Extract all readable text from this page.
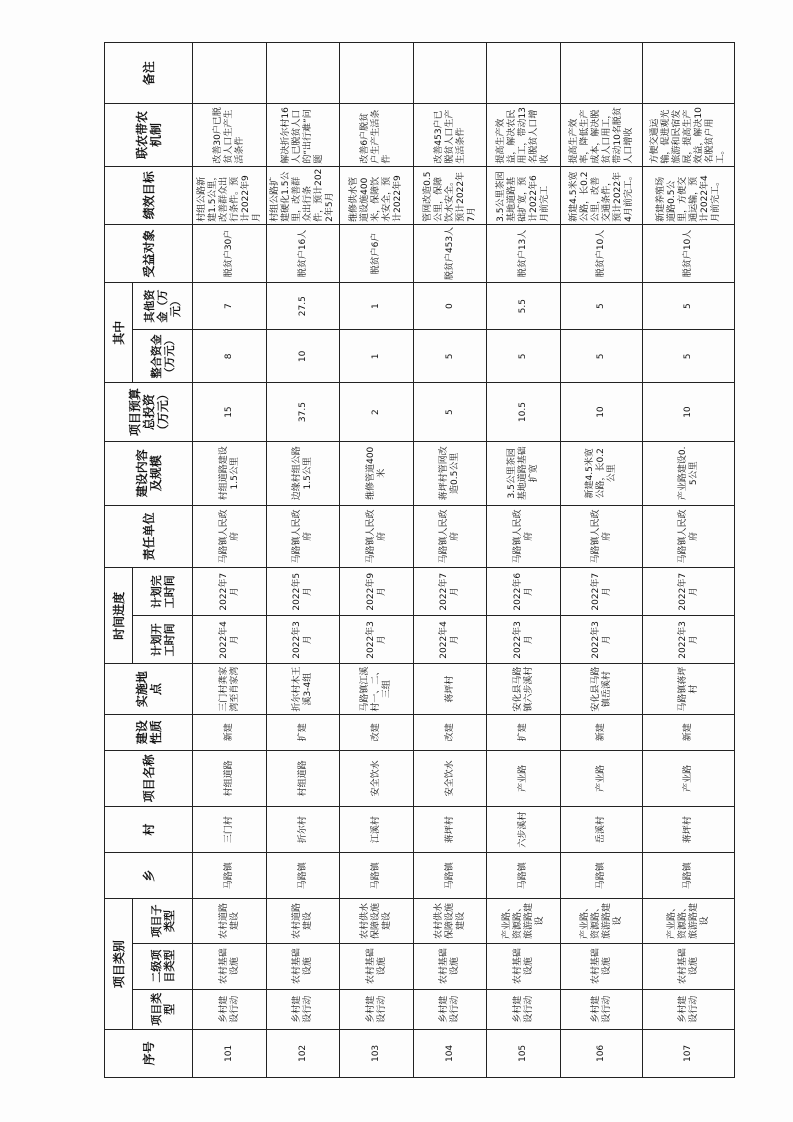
序号	项目类别			乡	村	项目名称	建设性质	实施地点	时间进度		责任单位	建设内容及规模	项目预算总投资（万元）	其中		受益对象	绩效目标	联农带农机制	备注
	项目类型	二级项目类型	项目子类型						计划开工时间	计划完工时间				整合资金（万元）	其他资金（万元）				

101	乡村建设行动	农村基础设施	农村道路建设	马路镇	三门村	村组道路	新建	三门村龚家湾至肖家湾	2022年4月	2022年7月	马路镇人民政府	村组道路建设1.5公里	15	8	7	脱贫户30户	村组公路新建1.5公里，改善群众出行条件。预计2022年9月	改善30户已脱贫人口生产生活条件	
102	乡村建设行动	农村基础设施	农村道路建设	马路镇	折尔村	村组道路	扩建	折尔村木王溪3-4组	2022年3月	2022年5月	马路镇人民政府	边缘村组公路1.5公里	37.5	10	27.5	脱贫户16人	村组公路扩建硬化1.5公里，改善群众出行条件，预计2022年5月	解决折尔村16人已脱贫人口的“出行难”问题	
103	乡村建设行动	农村基础设施	农村供水保障设施建设	马路镇	江溪村	安全饮水	改建	马路镇江溪村一、二、三组	2022年3月	2022年9月	马路镇人民政府	维修管道400米	2	1	1	脱贫户6户	维修供水管道设施400米，保障饮水安全，预计2022年9	改善6户脱贫户生产生活条件	
104	乡村建设行动	农村基础设施	农村供水保障设施建设	马路镇	蒋坪村	安全饮水	改建	蒋坪村	2022年4月	2022年7月	马路镇人民政府	蒋坪村管网改造0.5公里	5	5	0	脱贫户453人	管网改造0.5公里，保障饮水安全。预计2022年7月	改善453户已脱贫人口生产生活条件	
105	乡村建设行动	农村基础设施	产业路、资源路、旅游路建设	马路镇	六步溪村	产业路	扩建	安化县马路镇六步溪村	2022年3月	2022年6月	马路镇人民政府	3.5公里茶园基地道路基础扩宽	10.5	5	5.5	脱贫户13人	3.5公里茶园基地道路基础扩宽，预计2022年6月前完工	提高生产效益，解决农民用工，带动13名脱贫人口增收	
106	乡村建设行动	农村基础设施	产业路、资源路、旅游路建设	马路镇	岳溪村	产业路	新建	安化县马路镇岳溪村	2022年3月	2022年7月	马路镇人民政府	新建4.5米宽公路，长0.2公里	10	5	5	脱贫户10人	新建4.5米宽公路，长0.2公里，改善交通条件，预计2022年4月前完工。	提高生产效率，降低生产成本，解决脱贫人口用工，带动10名脱贫人口增收	
107	乡村建设行动	农村基础设施	产业路、资源路、旅游路建设	马路镇	蒋坪村	产业路	新建	马路镇蒋坪村	2022年3月	2022年7月	马路镇人民政府	产业路建设0.5公里	10	5	5	脱贫户10人	新建养殖场道路0.5公里，方便交通运输，预计2022年4月前完工。	方便交通运输，促进观光旅游和民宿发展，提高生产效益，解决10名脱贫户用工。	
